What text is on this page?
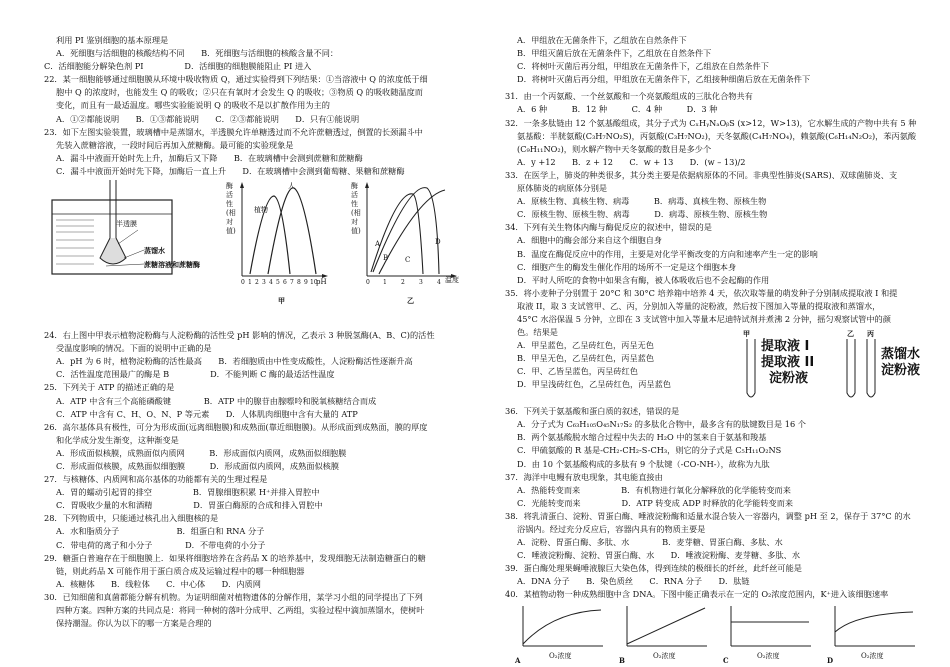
利用 PI 鉴别细胞的基本原理是
A．死细胞与活细胞的核酸结构不同　　B．死细胞与活细胞的核酸含量不同：
C．活细胞能分解染色剂 PI　　　　　D．活细胞的细胞膜能阻止 PI 进入
22．某一细胞能够通过细胞膜从环境中吸收物质 Q，通过实验得到下列结果：①当溶液中 Q 的浓度低于细
胞中 Q 的浓度时，也能发生 Q 的吸收；②只在有氧时才会发生 Q 的吸收；③物质 Q 的吸收随温度而
变化，而且有一最适温度。哪些实验能说明 Q 的吸收不是以扩散作用为主的
A．①②都能说明　　B．①③都能说明　　C．②③都能说明　　D．只有①能说明
23．如下左图实验装置，玻璃槽中是蒸馏水，半透膜允许单糖透过而不允许蔗糖透过，倒置的长颈漏斗中
先装入蔗糖溶液，一段时间后再加入蔗糖酶。最可能的实验现象是
A．漏斗中液面开始时先上升，加酶后又下降　　B．在玻璃槽中会测到蔗糖和蔗糖酶
C．漏斗中液面开始时先下降，加酶后一直上升　　D．在玻璃槽中会测到葡萄糖、果糖和蔗糖酶
半透膜
蒸馏水
蔗糖溶液和蔗糖酶
0 1 2 3 4 5 6 7 8 9 10
酶活性(相对值)
植物
人
pH
甲
0 1 2 3 4
酶活性(相对值)
A
B C
D
温度
乙
24．右上图中甲表示植物淀粉酶与人淀粉酶的活性受 pH 影响的情况，乙表示 3 种脱氢酶(A、B、C)的活性
受温度影响的情况。下面的说明中正确的是
A．pH 为 6 时，植物淀粉酶的活性最高　　B．若细胞质由中性变成酸性，人淀粉酶活性逐渐升高
C．活性温度范围最广的酶是 B　　　　　D．不能判断 C 酶的最适活性温度
25．下列关于 ATP 的描述正确的是
A．ATP 中含有三个高能磷酸键　　　　B．ATP 中的腺苷由腺嘌呤和脱氧核糖结合而成
C．ATP 中含有 C、H、O、N、P 等元素　　D．人体肌肉细胞中含有大量的 ATP
26．高尔基体具有极性，可分为形成面(远离细胞膜)和成熟面(靠近细胞膜)。从形成面到成熟面，膜的厚度
和化学成分发生渐变，这种渐变是
A．形成面似核膜，成熟面似内质网　　　B．形成面似内质网，成熟面似细胞膜
C．形成面似核膜，成熟面似细胞膜　　　D．形成面似内质网，成熟面似核膜
27．与核糖体、内质网和高尔基体的功能都有关的生理过程是
A．胃的蠕动引起胃的排空　　　　　B．胃腺细胞积累 H⁺并排入胃腔中
C．胃吸收少量的水和酒精　　　　　D．胃蛋白酶原的合成和排入胃腔中
28．下列物质中，只能通过核孔出入细胞核的是
A．水和脂质分子　　　　　　　B．组蛋白和 RNA 分子
C．带电荷的离子和小分子　　　　D．不带电荷的小分子
29．糖蛋白普遍存在于细胞膜上．如果将细胞培养在含药品 X 的培养基中，发现细胞无法制造糖蛋白的糖
链，则此药品 X 可能作用于蛋白质合成及运输过程中的哪一种细胞器
A．核糖体　　B．线粒体　　C．中心体　　D．内质网
30．已知细菌和真菌都能分解有机物。为证明细菌对植物遗体的分解作用，某学习小组的同学提出了下列
四种方案。四种方案的共同点是：将同一种树的落叶分成甲、乙两组，实验过程中滴加蒸馏水，使树叶
保持潮湿。你认为以下的哪一方案是合理的
A．甲组放在无菌条件下，乙组放在自然条件下
B．甲组灭菌后放在无菌条件下，乙组放在自然条件下
C．将树叶灭菌后再分组，甲组放在无菌条件下，乙组放在自然条件下
D．将树叶灭菌后再分组，甲组放在无菌条件下，乙组接种细菌后放在无菌条件下
31．由一个丙氨酸、一个丝氨酸和一个亮氨酸组成的三肽化合物共有
A．6 种　　　B．12 种　　　C．4 种　　　D．3 种
32．一条多肽链由 12 个氨基酸组成，其分子式为 CₓHᵧNₐOᵦS (x>12，W>13)，它水解生成的产物中共有 5 种
氨基酸：半胱氨酸(C₃H₇NO₂S)，丙氨酸(C₃H₇NO₂)，天冬氨酸(C₄H₇NO₄)，赖氨酸(C₆H₁₄N₂O₂)，苯丙氨酸
(C₉H₁₁NO₂)，则水解产物中天冬氨酸的数目是多少个
A．y +12　　B．z + 12　　C．w + 13　　D．(w – 13)/2
33．在医学上，肺炎的种类很多，其分类主要是依据病原体的不同。非典型性肺炎(SARS)、双球菌肺炎、支
原体肺炎的病原体分别是
A．原核生物、真核生物、病毒　　　B．病毒、真核生物、原核生物
C．原核生物、原核生物、病毒　　　D．病毒、原核生物、原核生物
34．下列有关生物体内酶与酶促反应的叙述中，错误的是
A．细胞中的酶会部分来自这个细胞自身
B．温度在酶促反应中的作用，主要是对化学平衡改变的方向和速率产生一定的影响
C．细胞产生的酶发生催化作用的场所不一定是这个细胞本身
D．平时人所吃的食物中如果含有酶，被人体吸收后也不会起酶的作用
35．将小麦种子分别置于 20°C 和 30°C 培养箱中培养 4 天，依次取等量的萌发种子分别制成提取液 I 和提
取液 II，取 3 支试管甲、乙、丙，分别加入等量的淀粉液，然后按下图加入等量的提取液和蒸馏水，
45°C 水浴保温 5 分钟，立即在 3 支试管中加入等量本尼迪特试剂并煮沸 2 分钟，摇匀观察试管中的颜
色。结果是
A．甲呈蓝色，乙呈砖红色，丙呈无色
B．甲呈无色，乙呈砖红色，丙呈蓝色
C．甲、乙皆呈蓝色，丙呈砖红色
D．甲呈浅砖红色，乙呈砖红色，丙呈蓝色
甲	乙 丙
提取液 I
提取液 II
淀粉液
蒸馏水
淀粉液
36．下列关于氨基酸和蛋白质的叙述，错误的是
A．分子式为 C₆₃H₁₀₅O₄₅N₁₇S₂ 的多肽化合物中，最多含有的肽键数目是 16 个
B．两个氨基酸脱水缩合过程中失去的 H₂O 中的氢来自于氨基和羧基
C．甲硫氨酸的 R 基是-CH₂-CH₂-S-CH₃，则它的分子式是 C₅H₁₁O₂NS
D．由 10 个氨基酸构成的多肽有 9 个肽键（-CO-NH-），故称为九肽
37．海洋中电鳗有放电现象，其电能直接由
A．热能转变而来　　　　　B．有机物进行氧化分解释放的化学能转变而来
C．光能转变而来　　　　　D．ATP 转变成 ADP 时释放的化学能转变而来
38．将乳清蛋白、淀粉、胃蛋白酶、唾液淀粉酶和适量水混合装入一容器内，调整 pH 至 2，保存于 37°C 的水
浴锅内。经过充分反应后，容器内具有的物质主要是
A．淀粉、胃蛋白酶、多肽、水　　　　B．麦芽糖、胃蛋白酶、多肽、水
C．唾液淀粉酶、淀粉、胃蛋白酶、水　　D．唾液淀粉酶、麦芽糖、多肽、水
39．蛋白酶处理果蝇唾液腺巨大染色体，得到连续的极细长的纤丝，此纤丝可能是
A．DNA 分子　　B．染色质丝　　C．RNA 分子　　D．肽链
40．某植物动物一种成熟细胞中含 DNA。下图中能正确表示在一定的 O₂浓度范围内，K⁺进入该细胞速率
O₂浓度
A	O₂浓度
B	O₂浓度
C	O₂浓度
D
